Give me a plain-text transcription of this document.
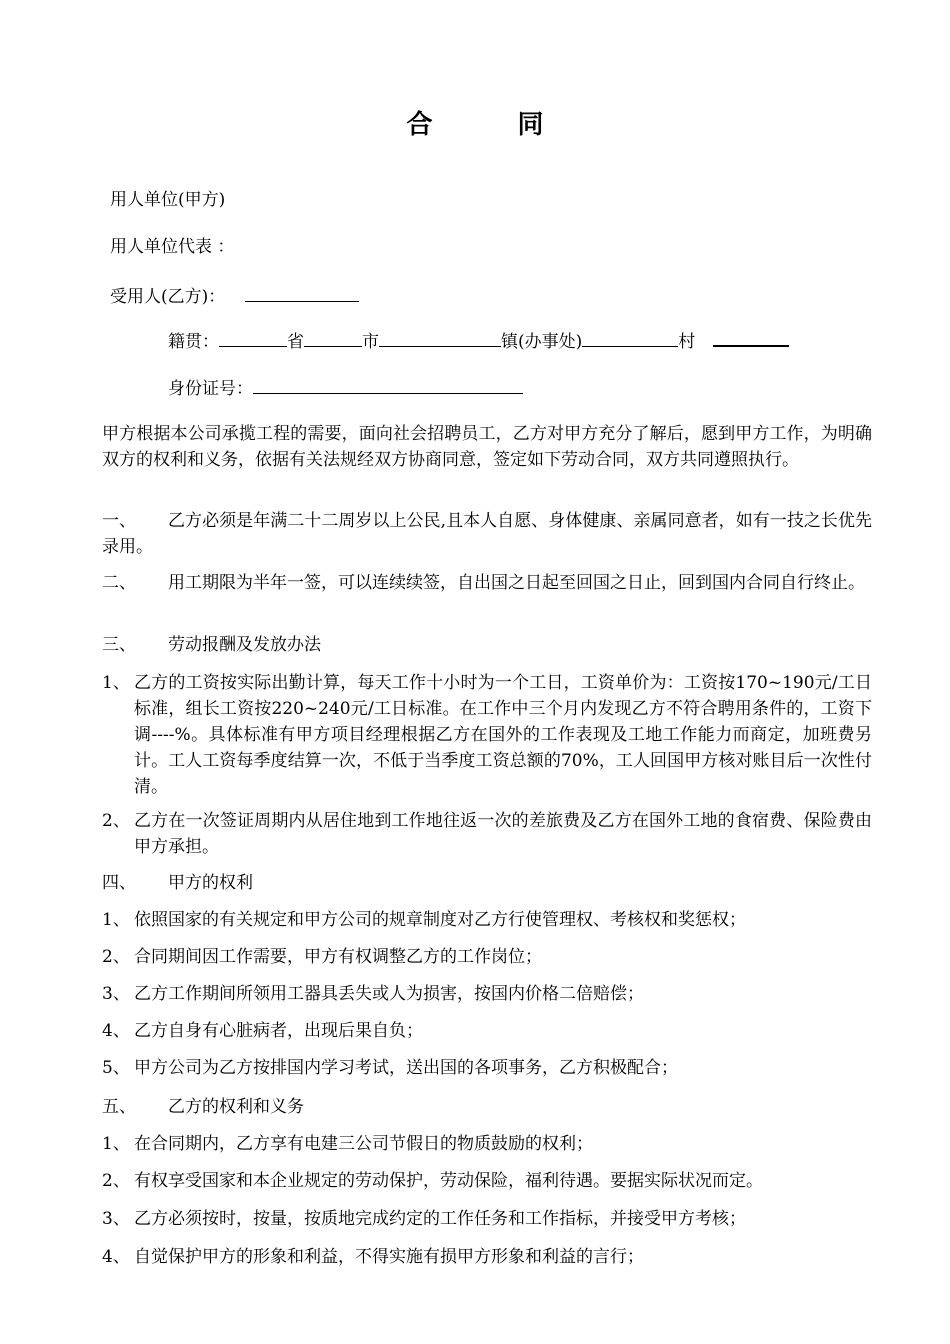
合 同
用人单位(甲方)
用人单位代表 ：
受用人(乙方)：
籍贯：	省	市	镇(办事处)	村
身份证号：
甲方根据本公司承揽工程的需要，面向社会招聘员工，乙方对甲方充分了解后，愿到甲方工作，为明确双方的权利和义务，依据有关法规经双方协商同意，签定如下劳动合同，双方共同遵照执行。
一、	乙方必须是年满二十二周岁以上公民,且本人自愿、身体健康、亲属同意者，如有一技之长优先录用。
二、	用工期限为半年一签，可以连续续签，自出国之日起至回国之日止，回到国内合同自行终止。
三、 劳动报酬及发放办法
1、 乙方的工资按实际出勤计算，每天工作十小时为一个工日，工资单价为：工资按170~190元/工日标准，组长工资按220~240元/工日标准。在工作中三个月内发现乙方不符合聘用条件的，工资下调----%。具体标准有甲方项目经理根据乙方在国外的工作表现及工地工作能力而商定，加班费另计。工人工资每季度结算一次，不低于当季度工资总额的70%，工人回国甲方核对账目后一次性付清。
2、 乙方在一次签证周期内从居住地到工作地往返一次的差旅费及乙方在国外工地的食宿费、保险费由甲方承担。
四、 甲方的权利
1、 依照国家的有关规定和甲方公司的规章制度对乙方行使管理权、考核权和奖惩权；
2、 合同期间因工作需要，甲方有权调整乙方的工作岗位；
3、 乙方工作期间所领用工器具丢失或人为损害，按国内价格二倍赔偿；
4、 乙方自身有心脏病者，出现后果自负；
5、 甲方公司为乙方按排国内学习考试，送出国的各项事务，乙方积极配合；
五、 乙方的权利和义务
1、 在合同期内，乙方享有电建三公司节假日的物质鼓励的权利；
2、 有权享受国家和本企业规定的劳动保护，劳动保险，福利待遇。要据实际状况而定。
3、 乙方必须按时，按量，按质地完成约定的工作任务和工作指标，并接受甲方考核；
4、 自觉保护甲方的形象和利益，不得实施有损甲方形象和利益的言行；
